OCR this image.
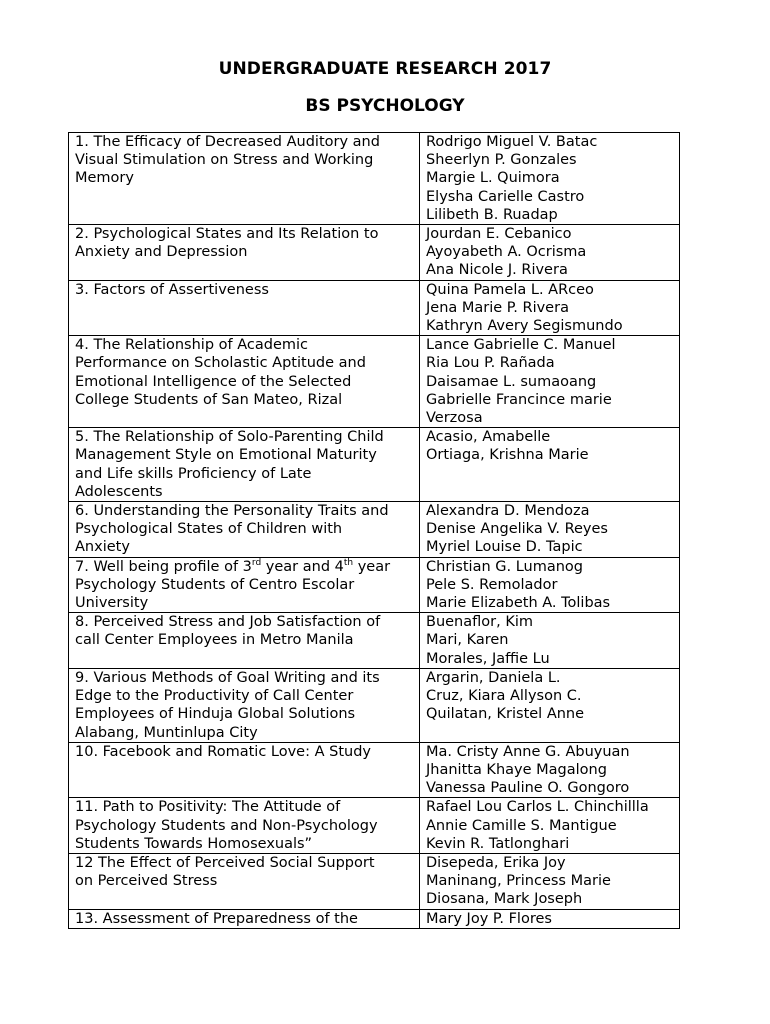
UNDERGRADUATE RESEARCH 2017
BS PSYCHOLOGY
1. The Efficacy of Decreased Auditory and
Visual Stimulation on Stress and Working
Memory	Rodrigo Miguel V. Batac
Sheerlyn P. Gonzales
Margie L. Quimora
Elysha Carielle Castro
Lilibeth B. Ruadap

2. Psychological States and Its Relation to
Anxiety and Depression	Jourdan E. Cebanico
Ayoyabeth A. Ocrisma
Ana Nicole J. Rivera

3. Factors of Assertiveness	Quina Pamela L. ARceo
Jena Marie P. Rivera
Kathryn Avery Segismundo

4. The Relationship of Academic
Performance on Scholastic Aptitude and
Emotional Intelligence of the Selected
College Students of San Mateo, Rizal	Lance Gabrielle C. Manuel
Ria Lou P. Rañada
Daisamae L. sumaoang
Gabrielle Francince marie
Verzosa

5. The Relationship of Solo-Parenting Child
Management Style on Emotional Maturity
and Life skills Proficiency of Late
Adolescents	Acasio, Amabelle
Ortiaga, Krishna Marie

6. Understanding the Personality Traits and
Psychological States of Children with
Anxiety	Alexandra D. Mendoza
Denise Angelika V. Reyes
Myriel Louise D. Tapic

7. Well being profile of 3rd year and 4th year
Psychology Students of Centro Escolar
University	Christian G. Lumanog
Pele S. Remolador
Marie Elizabeth A. Tolibas

8. Perceived Stress and Job Satisfaction of
call Center Employees in Metro Manila	Buenaflor, Kim
Mari, Karen
Morales, Jaffie Lu

9. Various Methods of Goal Writing and its
Edge to the Productivity of Call Center
Employees of Hinduja Global Solutions
Alabang, Muntinlupa City	Argarin, Daniela L.
Cruz, Kiara Allyson C.
Quilatan, Kristel Anne

10. Facebook and Romatic Love: A Study	Ma. Cristy Anne G. Abuyuan
Jhanitta Khaye Magalong
Vanessa Pauline O. Gongoro

11. Path to Positivity: The Attitude of
Psychology Students and Non-Psychology
Students Towards Homosexuals”	Rafael Lou Carlos L. Chinchillla
Annie Camille S. Mantigue
Kevin R. Tatlonghari

12 The Effect of Perceived Social Support
on Perceived Stress	Disepeda, Erika Joy
Maninang, Princess Marie
Diosana, Mark Joseph

13. Assessment of Preparedness of the	Mary Joy P. Flores
